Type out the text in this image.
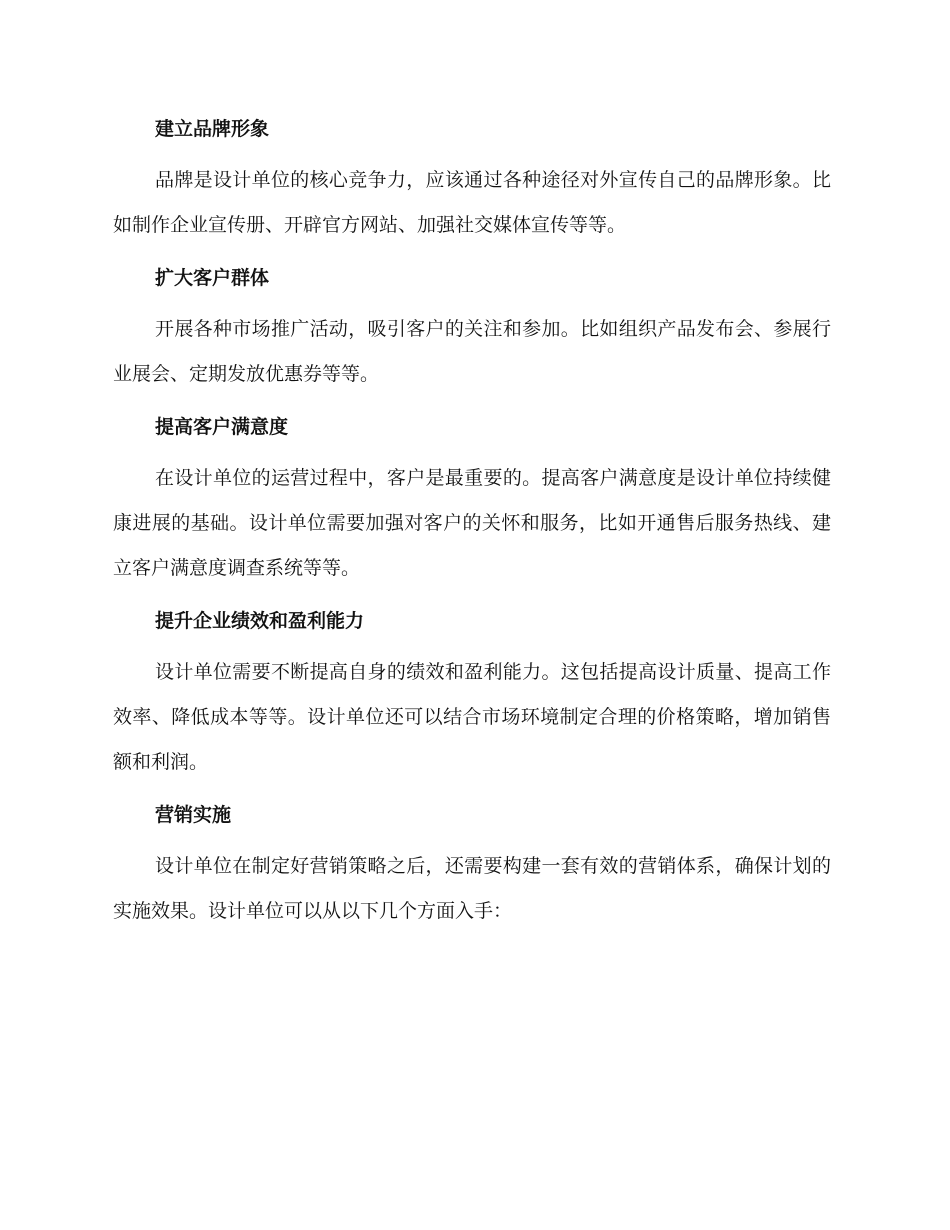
建立品牌形象

品牌是设计单位的核心竞争力，应该通过各种途径对外宣传自己的品牌形象。比如制作企业宣传册、开辟官方网站、加强社交媒体宣传等等。

扩大客户群体

开展各种市场推广活动，吸引客户的关注和参加。比如组织产品发布会、参展行业展会、定期发放优惠券等等。

提高客户满意度

在设计单位的运营过程中，客户是最重要的。提高客户满意度是设计单位持续健康进展的基础。设计单位需要加强对客户的关怀和服务，比如开通售后服务热线、建立客户满意度调查系统等等。

提升企业绩效和盈利能力

设计单位需要不断提高自身的绩效和盈利能力。这包括提高设计质量、提高工作效率、降低成本等等。设计单位还可以结合市场环境制定合理的价格策略，增加销售额和利润。

营销实施

设计单位在制定好营销策略之后，还需要构建一套有效的营销体系，确保计划的实施效果。设计单位可以从以下几个方面入手：
